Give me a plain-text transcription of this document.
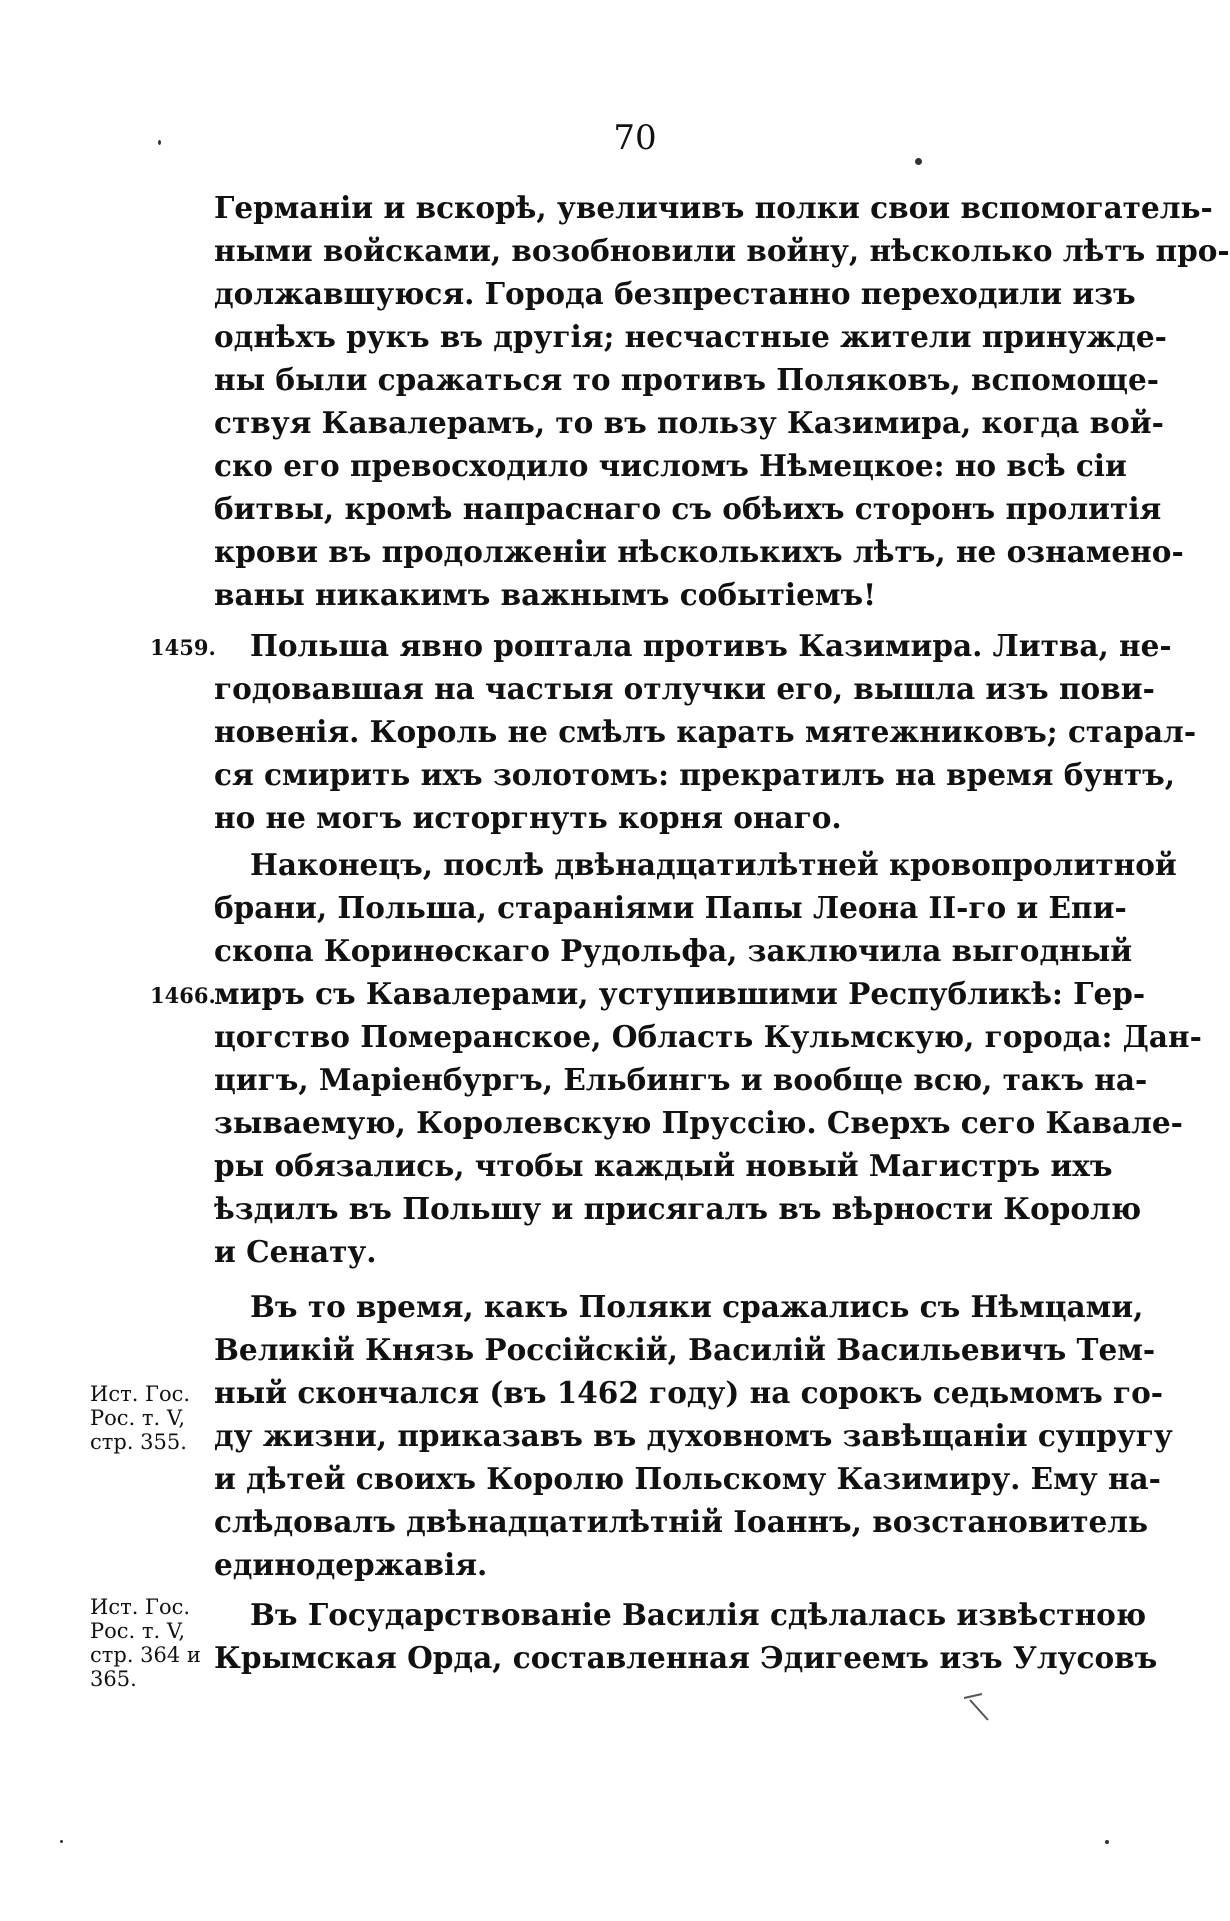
70
Германіи и вскорѣ, увеличивъ полки свои вспомогатель-
ными войсками, возобновили войну, нѣсколько лѣтъ про-
должавшуюся. Города безпрестанно переходили изъ
однѣхъ рукъ въ другія; несчастные жители принужде-
ны были сражаться то противъ Поляковъ, вспомоще-
ствуя Кавалерамъ, то въ пользу Казимира, когда вой-
ско его превосходило числомъ Нѣмецкое: но всѣ сіи
битвы, кромѣ напраснаго съ обѣихъ сторонъ пролитія
крови въ продолженіи нѣсколькихъ лѣтъ, не ознамено-
ваны никакимъ важнымъ событіемъ!
1459. Польша явно роптала противъ Казимира. Литва, не-
годовавшая на частыя отлучки его, вышла изъ пови-
новенія. Король не смѣлъ карать мятежниковъ; старал-
ся смирить ихъ золотомъ: прекратилъ на время бунтъ,
но не могъ исторгнуть корня онаго.
Наконецъ, послѣ двѣнадцатилѣтней кровопролитной
брани, Польша, стараніями Папы Леона II-го и Епи-
скопа Коринѳскаго Рудольфа, заключила выгодный
1466.
миръ съ Кавалерами, уступившими Республикѣ: Гер-
цогство Померанское, Область Кульмскую, города: Дан-
цигъ, Маріенбургъ, Ельбингъ и вообще всю, такъ на-
зываемую, Королевскую Пруссію. Сверхъ сего Кавале-
ры обязались, чтобы каждый новый Магистръ ихъ
ѣздилъ въ Польшу и присягалъ въ вѣрности Королю
и Сенату.
Въ то время, какъ Поляки сражались съ Нѣмцами,
Великій Князь Россійскій, Василій Васильевичъ Тем-
Ист. Гос.
Рос. т. V,
стр. 355.
ный скончался (въ 1462 году) на сорокъ седьмомъ го-
ду жизни, приказавъ въ духовномъ завѣщаніи супругу
и дѣтей своихъ Королю Польскому Казимиру. Ему на-
слѣдовалъ двѣнадцатилѣтній Іоаннъ, возстановитель
единодержавія.
Ист. Гос.
Рос. т. V,
стр. 364 и
365.
Въ Государствованіе Василія сдѣлалась извѣстною
Крымская Орда, составленная Эдигеемъ изъ Улусовъ
